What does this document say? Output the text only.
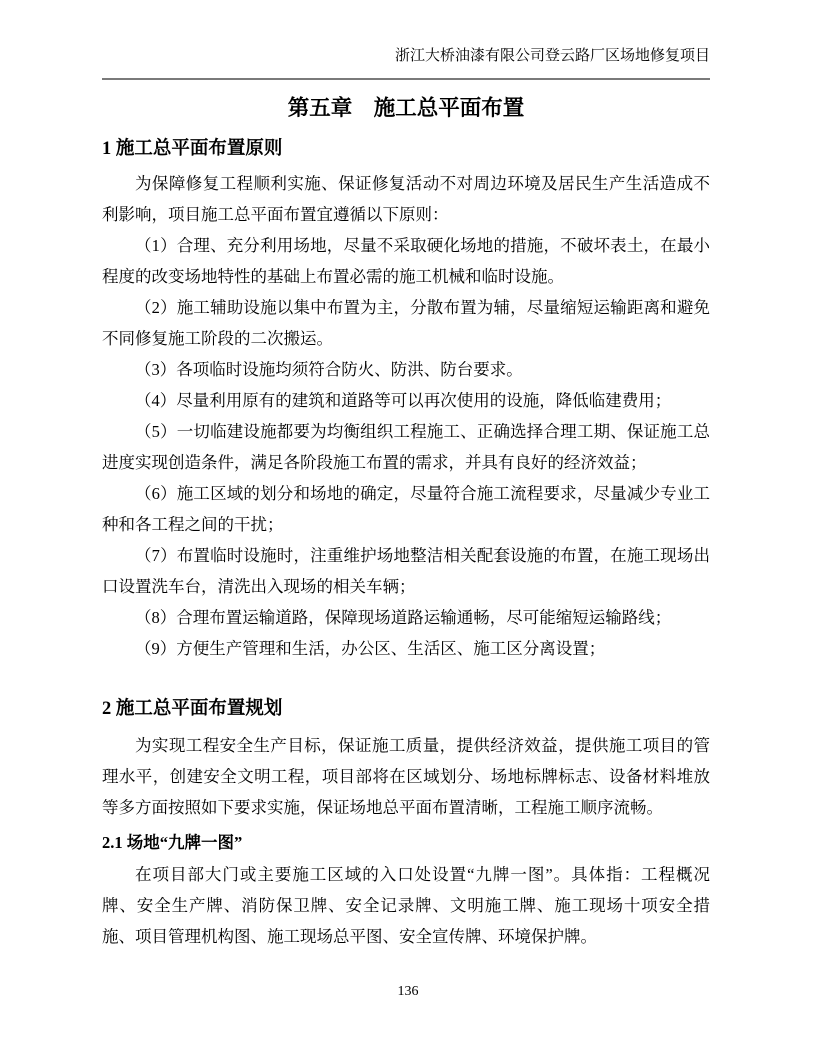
浙江大桥油漆有限公司登云路厂区场地修复项目
第五章　施工总平面布置
1 施工总平面布置原则

为保障修复工程顺利实施、保证修复活动不对周边环境及居民生产生活造成不利影响，项目施工总平面布置宜遵循以下原则：

（1）合理、充分利用场地，尽量不采取硬化场地的措施，不破坏表土，在最小程度的改变场地特性的基础上布置必需的施工机械和临时设施。

（2）施工辅助设施以集中布置为主，分散布置为辅，尽量缩短运输距离和避免不同修复施工阶段的二次搬运。

（3）各项临时设施均须符合防火、防洪、防台要求。

（4）尽量利用原有的建筑和道路等可以再次使用的设施，降低临建费用；

（5）一切临建设施都要为均衡组织工程施工、正确选择合理工期、保证施工总进度实现创造条件，满足各阶段施工布置的需求，并具有良好的经济效益；

（6）施工区域的划分和场地的确定，尽量符合施工流程要求，尽量减少专业工种和各工程之间的干扰；

（7）布置临时设施时，注重维护场地整洁相关配套设施的布置，在施工现场出口设置洗车台，清洗出入现场的相关车辆；

（8）合理布置运输道路，保障现场道路运输通畅，尽可能缩短运输路线；

（9）方便生产管理和生活，办公区、生活区、施工区分离设置；

2 施工总平面布置规划

为实现工程安全生产目标，保证施工质量，提供经济效益，提供施工项目的管理水平，创建安全文明工程，项目部将在区域划分、场地标牌标志、设备材料堆放等多方面按照如下要求实施，保证场地总平面布置清晰，工程施工顺序流畅。

2.1 场地“九牌一图”

在项目部大门或主要施工区域的入口处设置“九牌一图”。具体指：工程概况牌、安全生产牌、消防保卫牌、安全记录牌、文明施工牌、施工现场十项安全措施、项目管理机构图、施工现场总平图、安全宣传牌、环境保护牌。

136
